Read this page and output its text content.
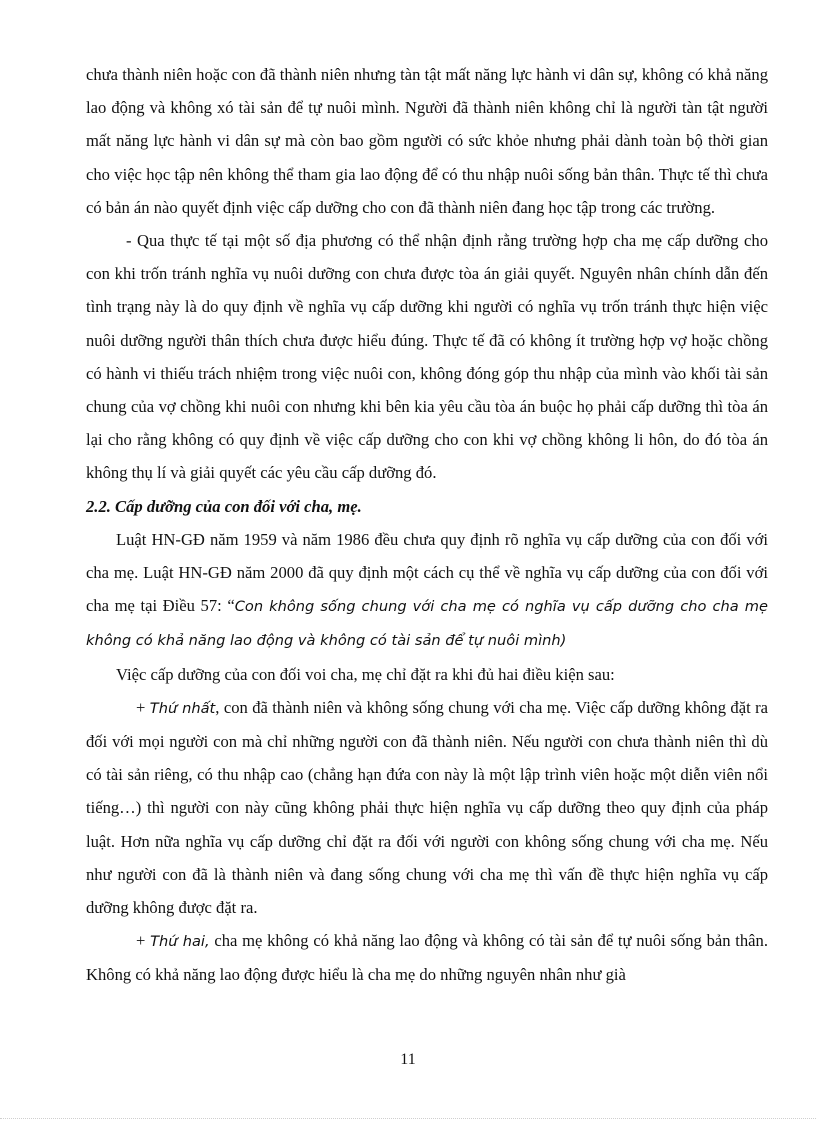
chưa thành niên hoặc con đã thành niên nhưng tàn tật mất năng lực hành vi dân sự, không có khả năng lao động và không xó tài sản để tự nuôi mình. Người đã thành niên không chỉ là người tàn tật người mất năng lực hành vi dân sự mà còn bao gồm người có sức khỏe nhưng phải dành toàn bộ thời gian cho việc học tập nên không thể tham gia lao động để có thu nhập nuôi sống bản thân. Thực tế thì chưa có bản án nào quyết định việc cấp dưỡng cho con đã thành niên đang học tập trong các trường.

- Qua thực tế tại một số địa phương có thể nhận định rằng trường hợp cha mẹ cấp dưỡng cho con khi trốn tránh nghĩa vụ nuôi dưỡng con chưa được tòa án giải quyết. Nguyên nhân chính dẫn đến tình trạng này là do quy định về nghĩa vụ cấp dưỡng khi người có nghĩa vụ trốn tránh thực hiện việc nuôi dưỡng người thân thích chưa được hiểu đúng. Thực tế đã có không ít trường hợp vợ hoặc chồng có hành vi thiếu trách nhiệm trong việc nuôi con, không đóng góp thu nhập của mình vào khối tài sản chung của vợ chồng khi nuôi con nhưng khi bên kia yêu cầu tòa án buộc họ phải cấp dưỡng thì tòa án lại cho rằng không có quy định về việc cấp dưỡng cho con khi vợ chồng không li hôn, do đó tòa án không thụ lí và giải quyết các yêu cầu cấp dưỡng đó.

2.2. Cấp dưỡng của con đối với cha, mẹ.

Luật HN-GĐ năm 1959 và năm 1986 đều chưa quy định rõ nghĩa vụ cấp dưỡng của con đối với cha mẹ. Luật HN-GĐ năm 2000 đã quy định một cách cụ thể về nghĩa vụ cấp dưỡng của con đối với cha mẹ tại Điều 57: “Con không sống chung với cha mẹ có nghĩa vụ cấp dưỡng cho cha mẹ không có khả năng lao động và không có tài sản để tự nuôi mình)

Việc cấp dưỡng của con đối voi cha, mẹ chỉ đặt ra khi đủ hai điều kiện sau:

+ Thứ nhất, con đã thành niên và không sống chung với cha mẹ. Việc cấp dưỡng không đặt ra đối với mọi người con mà chỉ những người con đã thành niên. Nếu người con chưa thành niên thì dù có tài sản riêng, có thu nhập cao (chẳng hạn đứa con này là một lập trình viên hoặc một diễn viên nổi tiếng…) thì người con này cũng không phải thực hiện nghĩa vụ cấp dưỡng theo quy định của pháp luật. Hơn nữa nghĩa vụ cấp dưỡng chỉ đặt ra đối với người con không sống chung với cha mẹ. Nếu như người con đã là thành niên và đang sống chung với cha mẹ thì vấn đề thực hiện nghĩa vụ cấp dưỡng không được đặt ra.

+ Thứ hai, cha mẹ không có khả năng lao động và không có tài sản để tự nuôi sống bản thân. Không có khả năng lao động được hiểu là cha mẹ do những nguyên nhân như già

11
